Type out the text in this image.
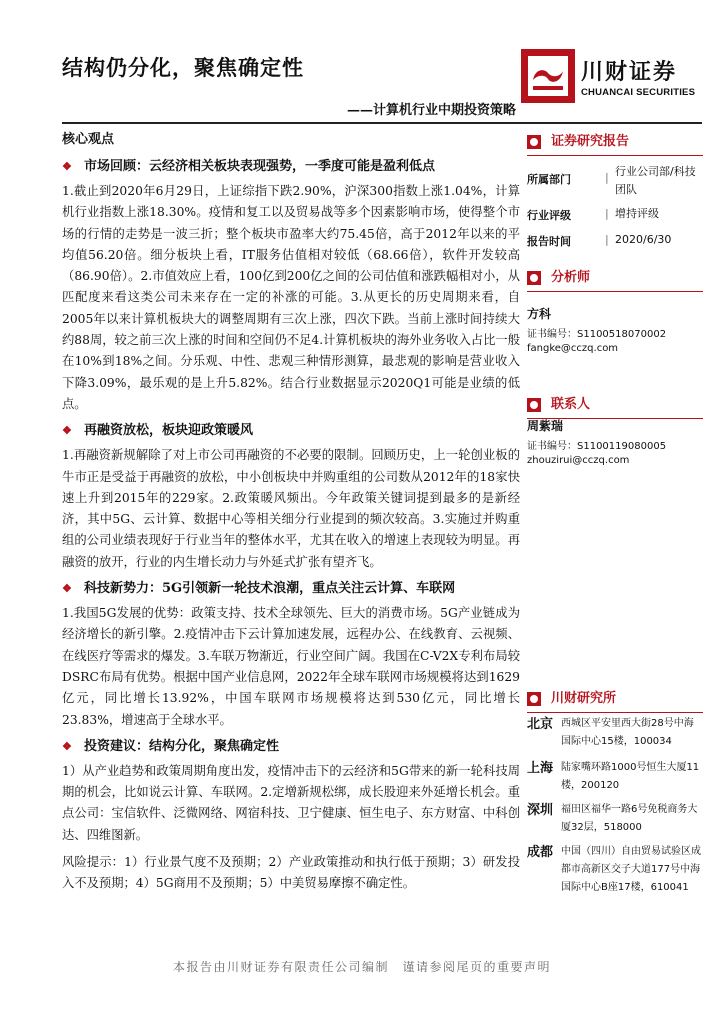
结构仍分化，聚焦确定性
——计算机行业中期投资策略
川财证券
CHUANCAI SECURITIES
核心观点
❖ 市场回顾：云经济相关板块表现强势，一季度可能是盈利低点
1.截止到2020年6月29日，上证综指下跌2.90%，沪深300指数上涨1.04%，计算机行业指数上涨18.30%。疫情和复工以及贸易战等多个因素影响市场，使得整个市场的行情的走势是一波三折；整个板块市盈率大约75.45倍，高于2012年以来的平均值56.20倍。细分板块上看，IT服务估值相对较低（68.66倍），软件开发较高（86.90倍）。2.市值效应上看，100亿到200亿之间的公司估值和涨跌幅相对小，从匹配度来看这类公司未来存在一定的补涨的可能。3.从更长的历史周期来看，自2005年以来计算机板块大的调整周期有三次上涨，四次下跌。当前上涨时间持续大约88周，较之前三次上涨的时间和空间仍不足4.计算机板块的海外业务收入占比一般在10%到18%之间。分乐观、中性、悲观三种情形测算，最悲观的影响是营业收入下降3.09%，最乐观的是上升5.82%。结合行业数据显示2020Q1可能是业绩的低点。
❖ 再融资放松，板块迎政策暖风
1.再融资新规解除了对上市公司再融资的不必要的限制。回顾历史，上一轮创业板的牛市正是受益于再融资的放松，中小创板块中并购重组的公司数从2012年的18家快速上升到2015年的229家。2.政策暖风频出。今年政策关键词提到最多的是新经济，其中5G、云计算、数据中心等相关细分行业提到的频次较高。3.实施过并购重组的公司业绩表现好于行业当年的整体水平，尤其在收入的增速上表现较为明显。再融资的放开，行业的内生增长动力与外延式扩张有望齐飞。
❖ 科技新势力：5G引领新一轮技术浪潮，重点关注云计算、车联网
1.我国5G发展的优势：政策支持、技术全球领先、巨大的消费市场。5G产业链成为经济增长的新引擎。2.疫情冲击下云计算加速发展，远程办公、在线教育、云视频、在线医疗等需求的爆发。3.车联万物渐近，行业空间广阔。我国在C-V2X专利布局较DSRC布局有优势。根据中国产业信息网，2022年全球车联网市场规模将达到1629亿元，同比增长13.92%，中国车联网市场规模将达到530亿元，同比增长23.83%，增速高于全球水平。
❖ 投资建议：结构分化，聚焦确定性
1）从产业趋势和政策周期角度出发，疫情冲击下的云经济和5G带来的新一轮科技周期的机会，比如说云计算、车联网。2.定增新规松绑，成长股迎来外延增长机会。重点公司：宝信软件、泛微网络、网宿科技、卫宁健康、恒生电子、东方财富、中科创达、四维图新。
风险提示：1）行业景气度不及预期；2）产业政策推动和执行低于预期；3）研发投入不及预期；4）5G商用不及预期；5）中美贸易摩擦不确定性。
证券研究报告
所属部门	| 行业公司部/科技团队
行业评级	| 增持评级
报告时间	| 2020/6/30
分析师
方科
证书编号：S1100518070002
fangke@cczq.com
联系人
周紫瑞
证书编号：S1100119080005
zhouzirui@cczq.com
川财研究所
北京 西城区平安里西大街28号中海国际中心15楼，100034
上海 陆家嘴环路1000号恒生大厦11楼，200120
深圳 福田区福华一路6号免税商务大厦32层，518000
成都 中国（四川）自由贸易试验区成都市高新区交子大道177号中海国际中心B座17楼，610041
本报告由川财证券有限责任公司编制　谨请参阅尾页的重要声明
